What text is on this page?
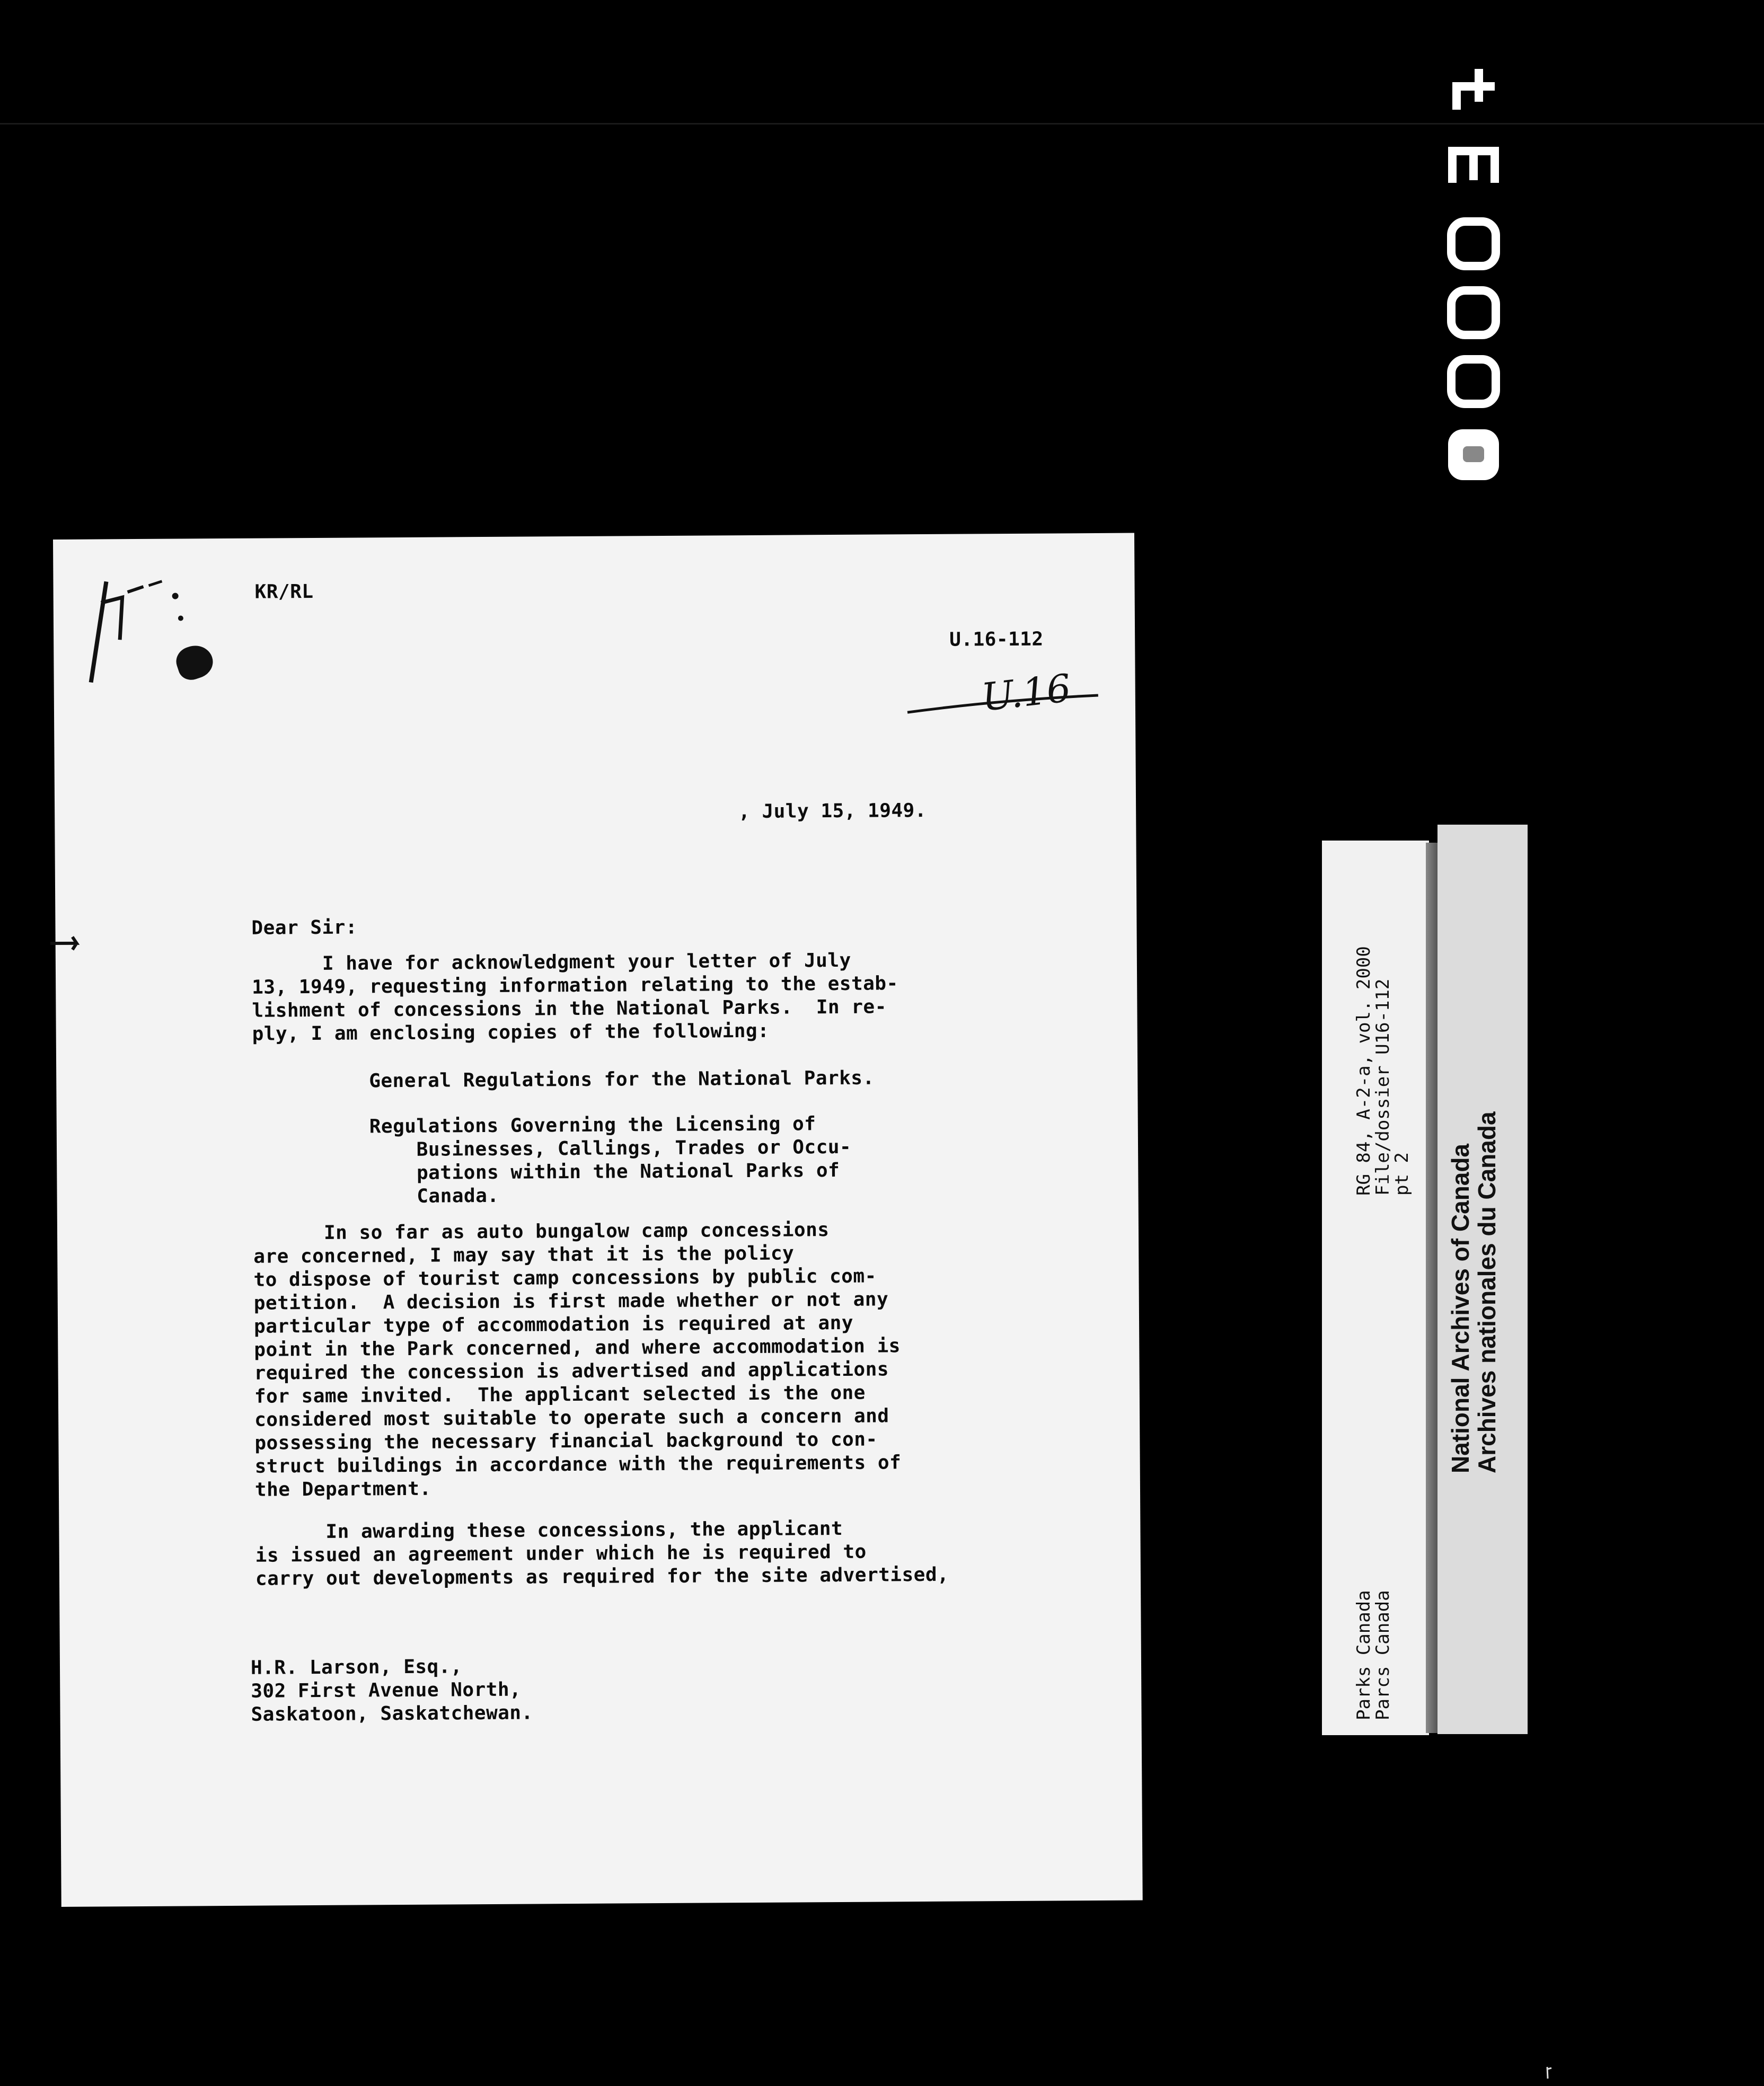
KR/RL
U.16-112
U.16
, July 15, 1949.
Dear Sir:
I have for acknowledgment your letter of July
13, 1949, requesting information relating to the estab-
lishment of concessions in the National Parks.  In re-
ply, I am enclosing copies of the following:
General Regulations for the National Parks.
Regulations Governing the Licensing of
Businesses, Callings, Trades or Occu-
pations within the National Parks of
Canada.
In so far as auto bungalow camp concessions
are concerned, I may say that it is the policy
to dispose of tourist camp concessions by public com-
petition.  A decision is first made whether or not any
particular type of accommodation is required at any
point in the Park concerned, and where accommodation is
required the concession is advertised and applications
for same invited.  The applicant selected is the one
considered most suitable to operate such a concern and
possessing the necessary financial background to con-
struct buildings in accordance with the requirements of
the Department.
In awarding these concessions, the applicant
is issued an agreement under which he is required to
carry out developments as required for the site advertised,
H.R. Larson, Esq.,
302 First Avenue North,
Saskatoon, Saskatchewan.
RG 84, A-2-a, vol. 2000
File/dossier U16-112
pt 2
Parks Canada
Parcs Canada
National Archives of Canada
Archives nationales du Canada
